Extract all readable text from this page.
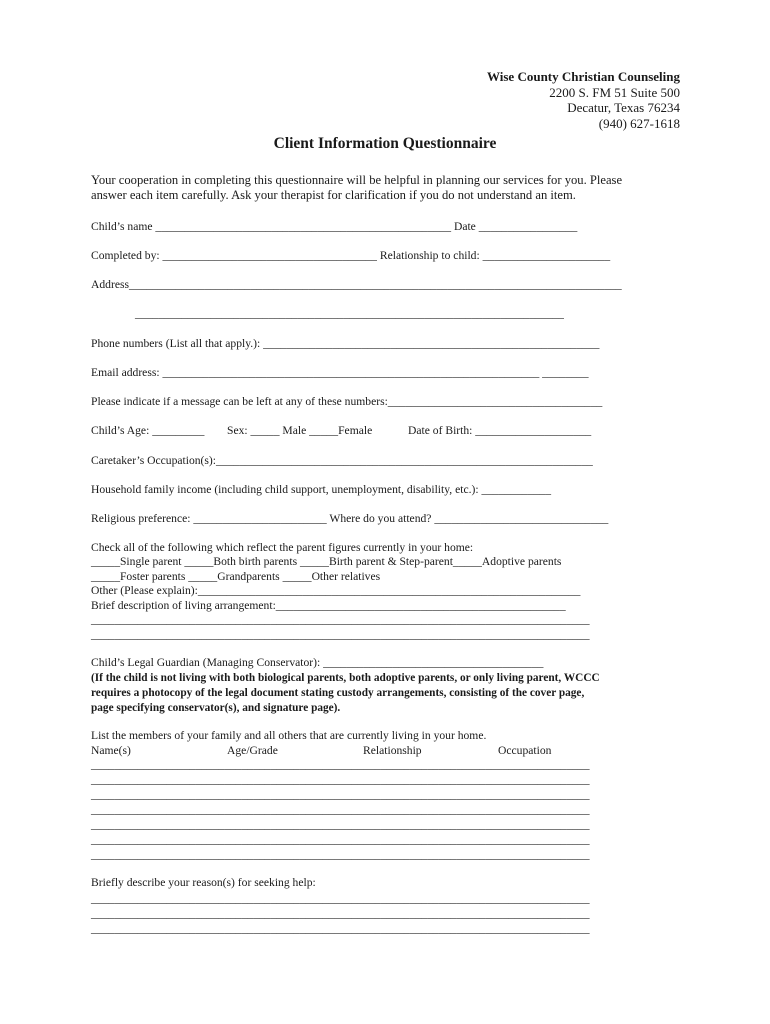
Wise County Christian Counseling
2200 S. FM 51 Suite 500
Decatur, Texas 76234
(940) 627-1618
Client Information Questionnaire
Your cooperation in completing this questionnaire will be helpful in planning our services for you. Please
answer each item carefully. Ask your therapist for clarification if you do not understand an item.
Child’s name ___________________________________________________ Date _________________
Completed by: _____________________________________ Relationship to child: ______________________
Address_____________________________________________________________________________________
__________________________________________________________________________
Phone numbers (List all that apply.): __________________________________________________________
Email address: _________________________________________________________________ ________
Please indicate if a message can be left at any of these numbers:_____________________________________
Child’s Age: _________ Sex: _____ Male _____Female	Date of Birth: ____________________
Caretaker’s Occupation(s):_________________________________________________________________
Household family income (including child support, unemployment, disability, etc.): ____________
Religious preference: _______________________ Where do you attend? ______________________________
Check all of the following which reflect the parent figures currently in your home:
_____Single parent _____Both birth parents _____Birth parent & Step-parent_____Adoptive parents
_____Foster parents _____Grandparents _____Other relatives
Other (Please explain):__________________________________________________________________
Brief description of living arrangement:__________________________________________________
______________________________________________________________________________________
______________________________________________________________________________________
Child’s Legal Guardian (Managing Conservator): ______________________________________
(If the child is not living with both biological parents, both adoptive parents, or only living parent, WCCC
requires a photocopy of the legal document stating custody arrangements, consisting of the cover page,
page specifying conservator(s), and signature page).
List the members of your family and all others that are currently living in your home.
Name(s)	Age/Grade	Relationship	Occupation
______________________________________________________________________________________
______________________________________________________________________________________
______________________________________________________________________________________
______________________________________________________________________________________
______________________________________________________________________________________
______________________________________________________________________________________
______________________________________________________________________________________
Briefly describe your reason(s) for seeking help:
______________________________________________________________________________________
______________________________________________________________________________________
______________________________________________________________________________________
